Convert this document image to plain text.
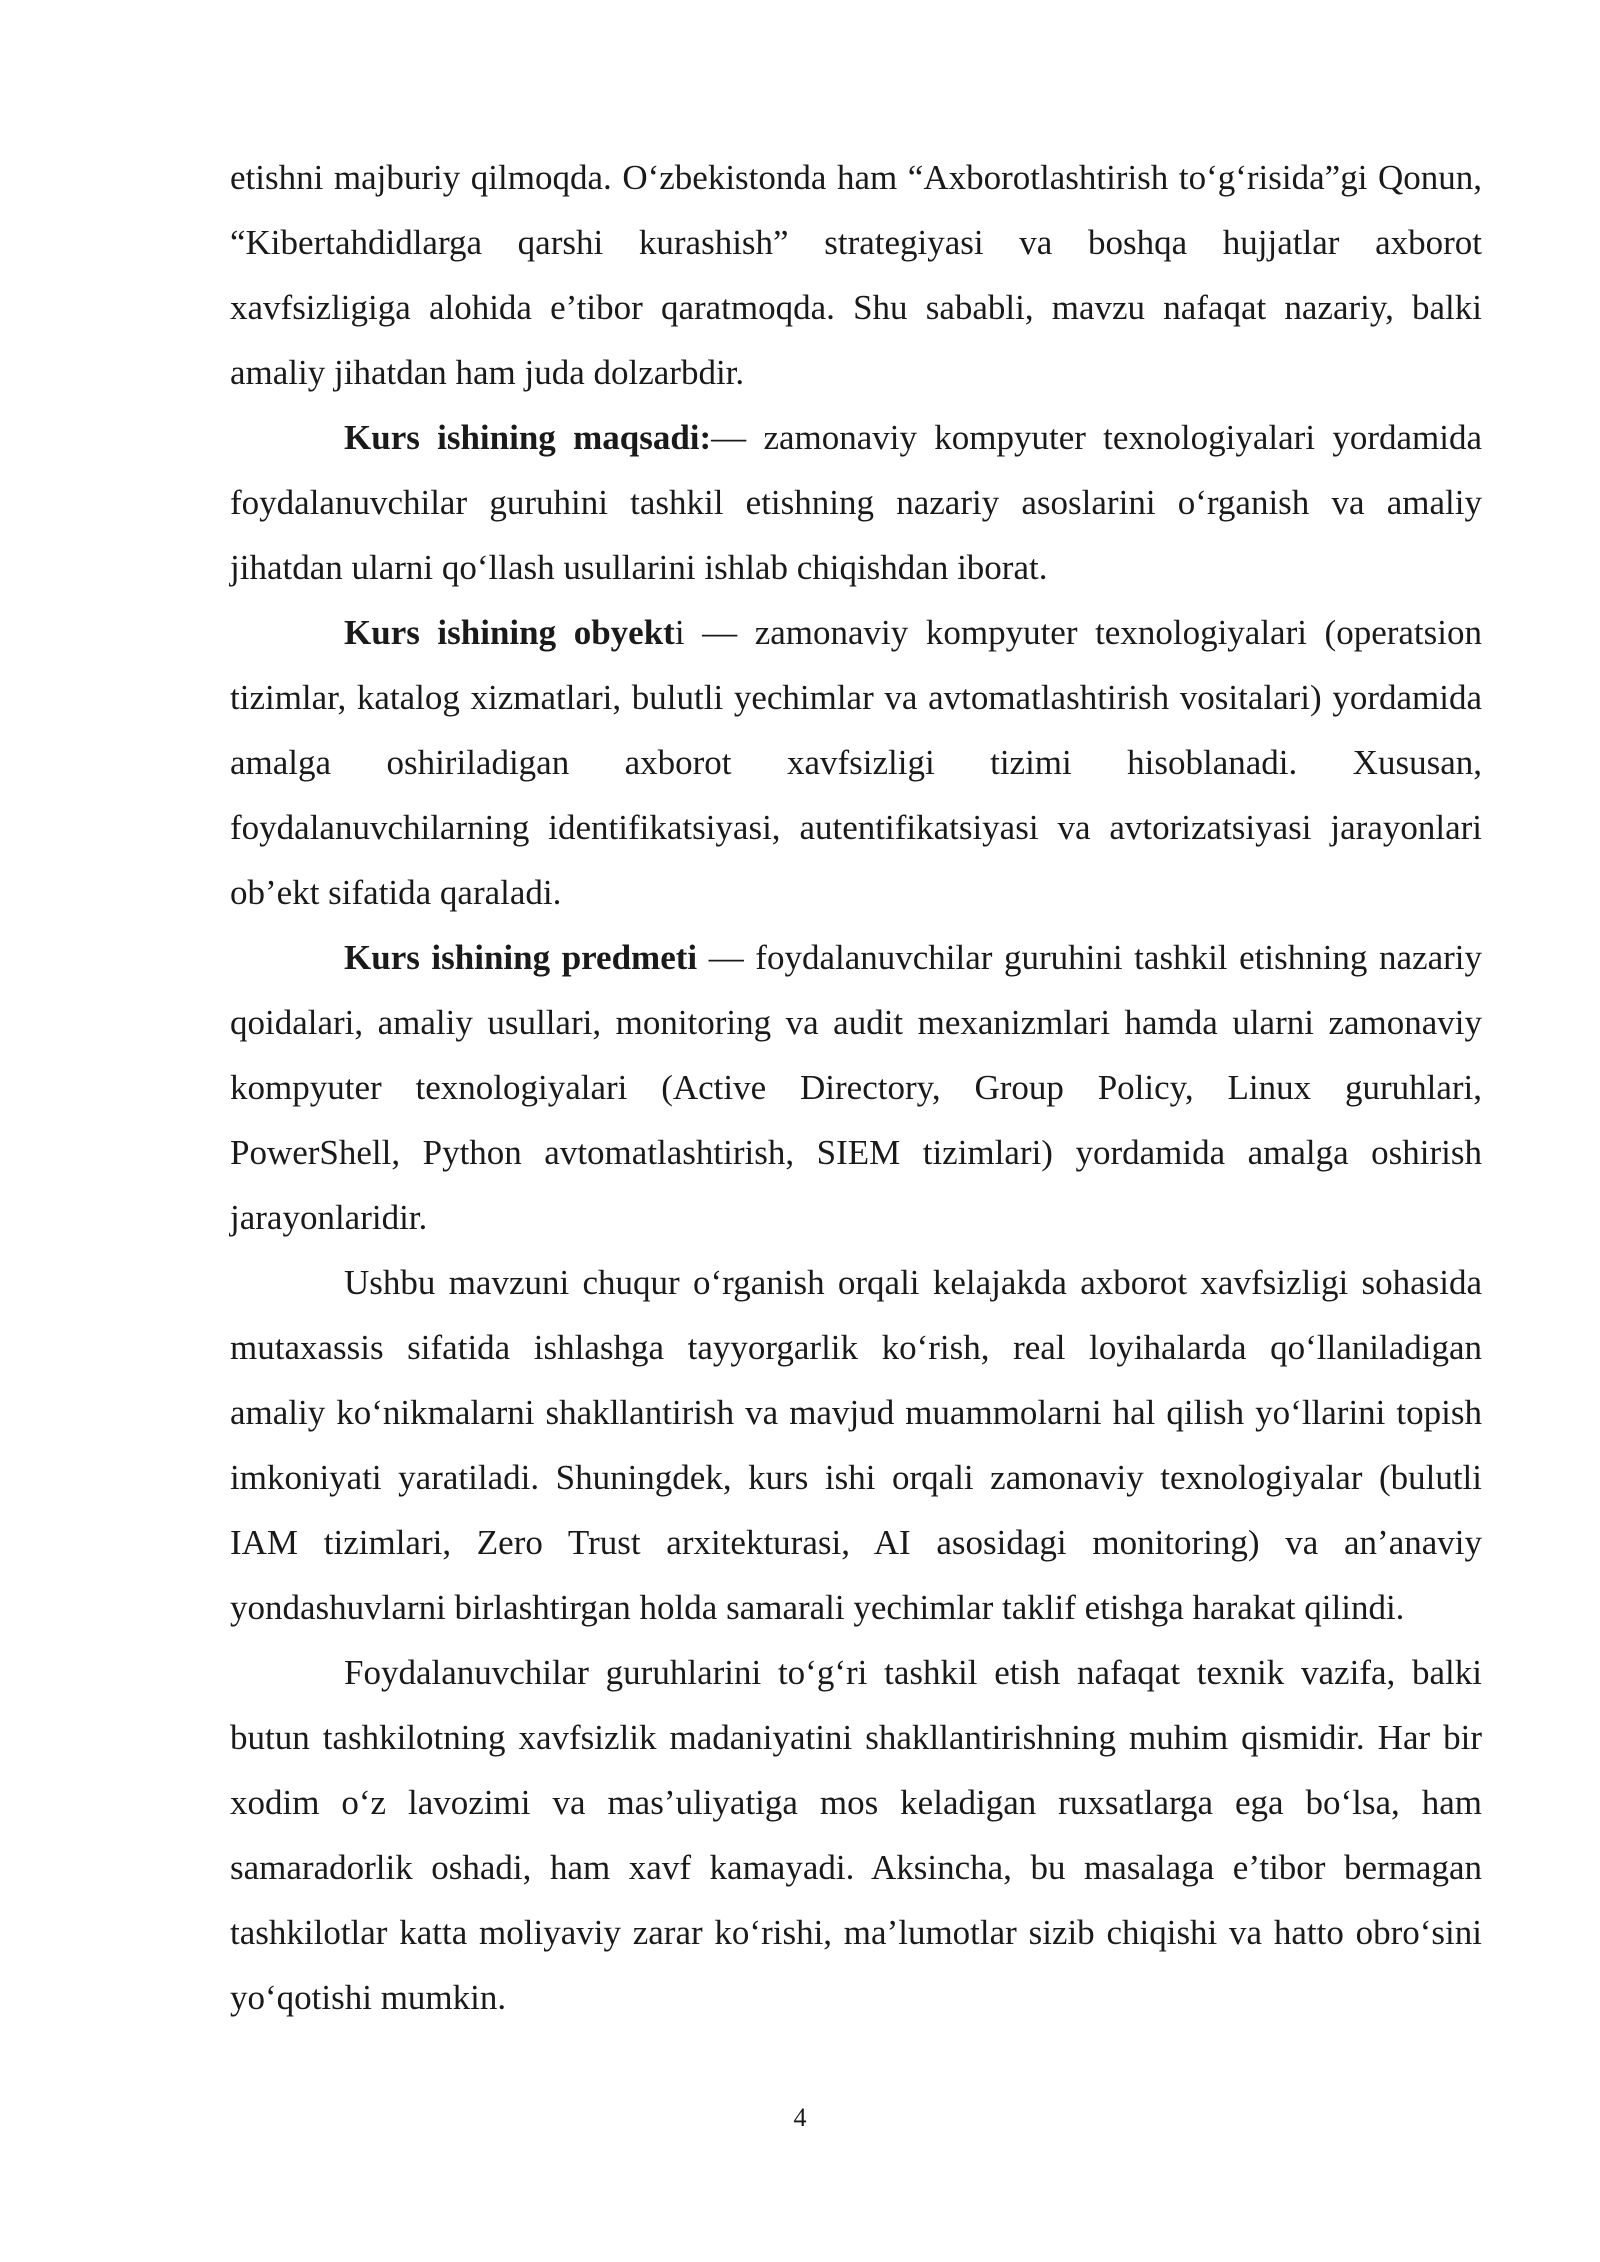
etishni majburiy qilmoqda. O‘zbekistonda ham “Axborotlashtirish to‘g‘risida”gi Qonun, “Kibertahdidlarga qarshi kurashish” strategiyasi va boshqa hujjatlar axborot xavfsizligiga alohida e’tibor qaratmoqda. Shu sababli, mavzu nafaqat nazariy, balki amaliy jihatdan ham juda dolzarbdir.

Kurs ishining maqsadi:— zamonaviy kompyuter texnologiyalari yordamida foydalanuvchilar guruhini tashkil etishning nazariy asoslarini o‘rganish va amaliy jihatdan ularni qo‘llash usullarini ishlab chiqishdan iborat.

Kurs ishining obyekti — zamonaviy kompyuter texnologiyalari (operatsion tizimlar, katalog xizmatlari, bulutli yechimlar va avtomatlashtirish vositalari) yordamida amalga oshiriladigan axborot xavfsizligi tizimi hisoblanadi. Xususan, foydalanuvchilarning identifikatsiyasi, autentifikatsiyasi va avtorizatsiyasi jarayonlari ob’ekt sifatida qaraladi.

Kurs ishining predmeti — foydalanuvchilar guruhini tashkil etishning nazariy qoidalari, amaliy usullari, monitoring va audit mexanizmlari hamda ularni zamonaviy kompyuter texnologiyalari (Active Directory, Group Policy, Linux guruhlari, PowerShell, Python avtomatlashtirish, SIEM tizimlari) yordamida amalga oshirish jarayonlaridir.

Ushbu mavzuni chuqur o‘rganish orqali kelajakda axborot xavfsizligi sohasida mutaxassis sifatida ishlashga tayyorgarlik ko‘rish, real loyihalarda qo‘llaniladigan amaliy ko‘nikmalarni shakllantirish va mavjud muammolarni hal qilish yo‘llarini topish imkoniyati yaratiladi. Shuningdek, kurs ishi orqali zamonaviy texnologiyalar (bulutli IAM tizimlari, Zero Trust arxitekturasi, AI asosidagi monitoring) va an’anaviy yondashuvlarni birlashtirgan holda samarali yechimlar taklif etishga harakat qilindi.

Foydalanuvchilar guruhlarini to‘g‘ri tashkil etish nafaqat texnik vazifa, balki butun tashkilotning xavfsizlik madaniyatini shakllantirishning muhim qismidir. Har bir xodim o‘z lavozimi va mas’uliyatiga mos keladigan ruxsatlarga ega bo‘lsa, ham samaradorlik oshadi, ham xavf kamayadi. Aksincha, bu masalaga e’tibor bermagan tashkilotlar katta moliyaviy zarar ko‘rishi, ma’lumotlar sizib chiqishi va hatto obro‘sini yo‘qotishi mumkin.

4
